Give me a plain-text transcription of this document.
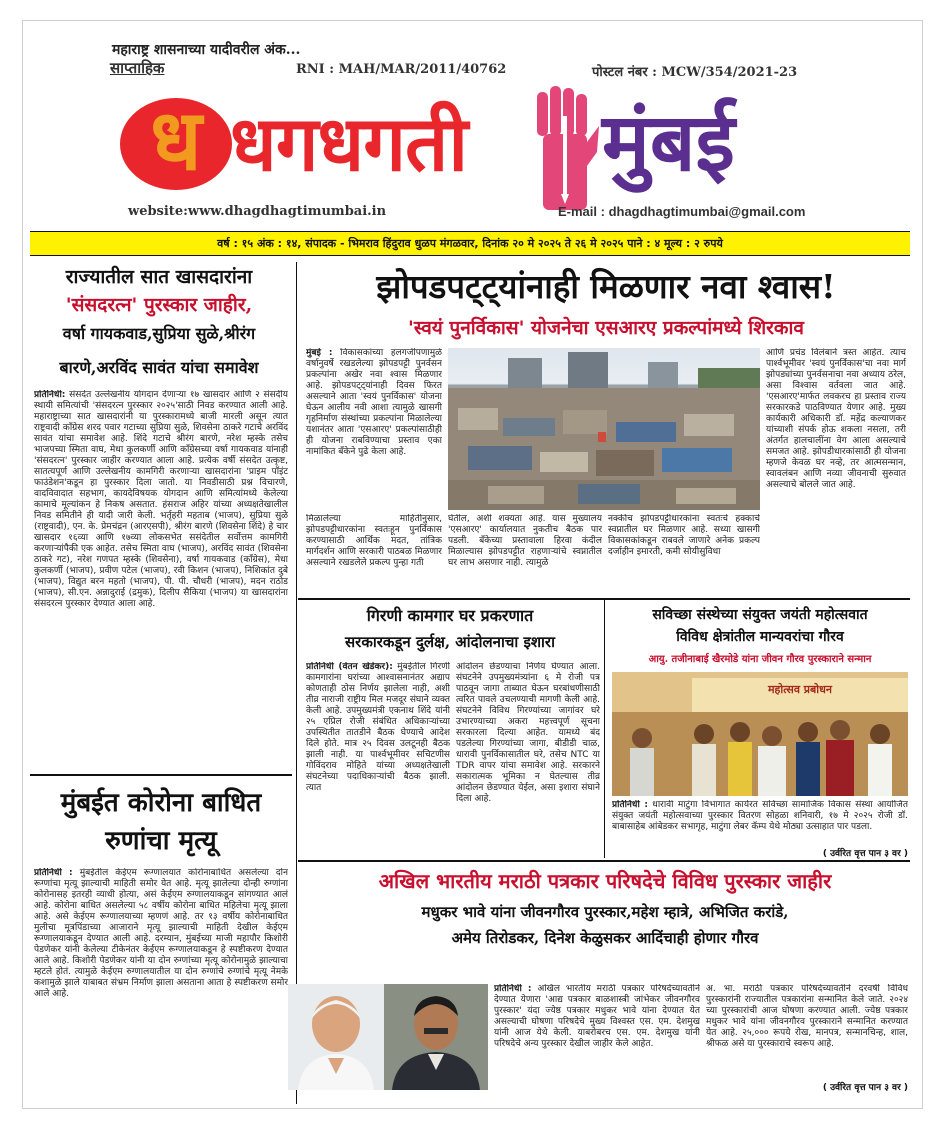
महाराष्ट्र शासनाच्या यादीवरील अंक...
साप्ताहिक	RNI : MAH/MAR/2011/40762	पोस्टल नंबर : MCW/354/2021-23
ध धगधगती मुंबई
website:www.dhagdhagtimumbai.in	E-mail : dhagdhagtimumbai@gmail.com
वर्ष : १५ अंक : १४, संपादक - भिमराव हिंदुराव धुळप मंगळवार, दिनांक २० मे २०२५ ते २६ मे २०२५ पाने : ४ मूल्य : २ रुपये
राज्यातील सात खासदारांना
'संसदरत्न' पुरस्कार जाहीर,
वर्षा गायकवाड,सुप्रिया सुळे,श्रीरंग
बारणे,अरविंद सावंत यांचा समावेश
प्रतिनिधी: संसदेत उल्लेखनीय योगदान देणाऱ्या १७ खासदार आणि २ संसदीय स्थायी समित्यांची 'संसदरत्न पुरस्कार २०२५'साठी निवड करण्यात आली आहे. महाराष्ट्राच्या सात खासदारांनी या पुरस्कारामध्ये बाजी मारली असून त्यात राष्ट्रवादी काँग्रेस शरद पवार गटाच्या सुप्रिया सुळे, शिवसेना ठाकरे गटाचे अरविंद सावंत यांचा समावेश आहे. शिंदे गटाचे श्रीरंग बारणे, नरेश म्हस्के तसेच भाजपच्या स्मिता वाघ, मेधा कुलकर्णी आणि काँग्रेसच्या वर्षा गायकवाड यांनाही 'संसदरत्न' पुरस्कार जाहीर करण्यात आला आहे. प्रत्येक वर्षी संसदेत उत्कृष्ट, सातत्यपूर्ण आणि उल्लेखनीय कामगिरी करणाऱ्या खासदारांना 'प्राइम पॉइंट फाउंडेशन'कडून हा पुरस्कार दिला जातो. या निवडीसाठी प्रश्न विचारणे, वादविवादात सहभाग, कायदेविषयक योगदान आणि समित्यांमध्ये केलेल्या कामाचे मूल्यांकन हे निकष असतात. हंसराज अहिर यांच्या अध्यक्षतेखालील निवड समितीने ही यादी जारी केली. भर्तृहरी महताब (भाजप), सुप्रिया सुळे (राष्ट्रवादी), एन. के. प्रेमचंद्रन (आरएसपी), श्रीरंग बारणे (शिवसेना शिंदे) हे चार खासदार १६व्या आणि १७व्या लोकसभेत ससंदेतील सर्वोत्तम कामगिरी करणाऱ्यांपैकी एक आहेत. तसेच स्मिता वाघ (भाजप), अरविंद सावंत (शिवसेना ठाकरे गट), नरेश गणपत म्हस्के (शिवसेना), वर्षा गायकवाड (काँग्रेस), मेधा कुलकर्णी (भाजप), प्रवीण पटेल (भाजप), रवी किशन (भाजप), निशिकांत दुबे (भाजप), विद्युत बरन महतो (भाजप), पी. पी. चौधरी (भाजप), मदन राठोड (भाजप), सी.एन. अन्नादुराई (द्रमुक), दिलीप सैकिया (भाजप) या खासदारांना संसदरत्न पुरस्कार देण्यात आला आहे.
मुंबईत कोरोना बाधित
रुणांचा मृत्यू
प्रतिनिधी : मुंबईतील केईएम रूग्णालयात कोरोनाबाधित असलेल्या दोन रूग्णांचा मृत्यू झाल्याची माहिती समोर येत आहे. मृत्यू झालेल्या दोन्ही रुग्णांना कोरोनासह इतरही व्याधी होत्या, असं केईएम रुग्णालयाकडून सांगण्यात आलं आहे. कोरोना बाधित असलेल्या ५८ वर्षीय कोरोना बाधित महिलेचा मृत्यू झाला आहे. असे केईएम रूग्णालयाच्या म्हणणं आहे. तर १३ वर्षीय कोरोनाबाधित मुलीचा मूत्रपिंडाच्या आजाराने मृत्यू झाल्याची माहिती देखील केईएम रूग्णालयाकडून देण्यात आली आहे. दरम्यान, मुंबईच्या माजी महापौर किशोरी पेडणेकर यांनी केलेल्या टीकेनंतर केईएम रूग्णालयाकडून हे स्पष्टीकरण देण्यात आले आहे. किशोरी पेडणेकर यांनी या दोन रुग्णांच्या मृत्यू कोरोनामुळे झाल्याचा म्हटले होतं. त्यामुळे केईएम रुग्णालयातील या दोन रुग्णांचे रुग्णांचे मृत्यू नेमके कशामुळे झाले याबाबत संभ्रम निर्माण झाला असताना आता हे स्पष्टीकरण समोर आले आहे.
झोपडपट्ट्यांनाही मिळणार नवा श्वास!
'स्वयं पुनर्विकास' योजनेचा एसआरए प्रकल्पांमध्ये शिरकाव
मुंबई : विकासकांच्या हलगर्जीपणामुळे वर्षानुवर्षे रखडलेल्या झोपडपट्टी पुनर्वसन प्रकल्पांना अखेर नवा श्वास मिळणार आहे. झोपडपट्ट्यांनाही दिवस फिरत असल्याने आता 'स्वयं पुनर्विकास' योजना घेऊन आलीय नवी आशा त्यामुळे खासगी गृहनिर्माण संस्थांच्या प्रकल्पांना मिळालेल्या यशानंतर आता 'एसआरए' प्रकल्पांसाठीही ही योजना राबविण्याचा प्रस्ताव एका नामांकित बँकेने पुढे केला आहे.
आणि प्रचंड विलंबाने त्रस्त आहेत. त्याच पार्श्वभूमीवर 'स्वयं पुनर्विकास'चा नवा मार्ग झोपड्यांच्या पुनर्वसनाचा नवा अध्याय ठरेल, असा विश्वास वर्तवला जात आहे. 'एसआरए'मार्फत लवकरच हा प्रस्ताव राज्य सरकारकडे पाठविण्यात येणार आहे. मुख्य कार्यकारी अधिकारी डॉ. महेंद्र कल्याणकर यांच्याशी संपर्क होऊ शकला नसला, तरी अंतर्गत हालचालींना वेग आला असल्याचे समजत आहे. झोपडीधारकांसाठी ही योजना म्हणजे केवळ घर नव्हे, तर आत्मसन्मान, स्वावलंबन आणि नव्या जीवनाची सुरुवात असल्याचे बोलले जात आहे.
मिळालेल्या माहितीनुसार, झोपडपट्टीधारकांना स्वतःहून पुनर्विकास करण्यासाठी आर्थिक मदत, तांत्रिक मार्गदर्शन आणि सरकारी पाठबळ मिळणार असल्याने रखडलेले प्रकल्प पुन्हा गती
घेतील, अशी शक्यता आहे. यास मुख्यालय 'एसआरए' कार्यालयात नुकतीच बैठक पार पडली. बँकेच्या प्रस्तावाला हिरवा कंदील मिळाल्यास झोपडपट्टीत राहणाऱ्यांचे स्वप्नातील घर लाभ असणार नाही. त्यामुळे
नक्कीच झोपडपट्टीधारकांना स्वतःचे हक्काचे स्वप्नातील घर मिळणार आहे. सध्या खासगी विकासकांकडून राबवले जाणारे अनेक प्रकल्प दर्जाहीन इमारती, कमी सोयीसुविधा
गिरणी कामगार घर प्रकरणात
सरकारकडून दुर्लक्ष, आंदोलनाचा इशारा
प्रतिनिधी (वेतन खेडेकर): मुंबईतील गिरणी कामगारांना घरांच्या आश्वासनानंतर अद्याप कोणताही ठोस निर्णय झालेला नाही, अशी तीव्र नाराजी राष्ट्रीय मिल मजदूर संघाने व्यक्त केली आहे. उपमुख्यमंत्री एकनाथ शिंदे यांनी २५ एप्रिल रोजी संबंधित अधिकाऱ्यांच्या उपस्थितीत तातडीने बैठक घेण्याचे आदेश दिले होते. मात्र २५ दिवस उलटूनही बैठक झाली नाही. या पार्श्वभूमीवर सचिटणीस गोविंदराव मोहिते यांच्या अध्यक्षतेखाली संघटनेच्या पदाधिकाऱ्यांची बैठक झाली. त्यात
आंदोलन छेडण्याचा निर्णय घेण्यात आला. संघटनेने उपमुख्यमंत्र्यांना ६ मे रोजी पत्र पाठवून जागा ताब्यात घेऊन घरबांधणीसाठी त्वरित पावले उचलण्याची मागणी केली आहे. संघटनेने विविध गिरण्यांच्या जागांवर घरे उभारण्याच्या अकरा महत्त्वपूर्ण सूचना सरकारला दिल्या आहेत. यामध्ये बंद पडलेल्या गिरण्यांच्या जागा, बीडीडी चाळ, धारावी पुनर्विकासातील घरे, तसेच NTC या TDR वापर यांचा समावेश आहे. सरकारने सकारात्मक भूमिका न घेतल्यास तीव्र आंदोलन छेडण्यात येईल, असा इशारा संघाने दिला आहे.
सविच्छा संस्थेच्या संयुक्त जयंती महोत्सवात
विविध क्षेत्रांतील मान्यवरांचा गौरव
आयु. तजीनाबाई खैरमोडे यांना जीवन गौरव पुरस्काराने सन्मान
महोत्सव प्रबोधन
प्रतिनिधी : धारावी माटुंगा विभागात कार्यरत सविच्छा सामाजिक विकास संस्था आयोजित संयुक्त जयंती महोत्सवाच्या पुरस्कार वितरण सोहळा शनिवारी, १७ मे २०२५ रोजी डॉ. बाबासाहेब आंबेडकर सभागृह, माटुंगा लेबर कॅम्प येथे मोठ्या उत्साहात पार पडला.
( उर्वरित वृत्त पान ३ वर )
अखिल भारतीय मराठी पत्रकार परिषदेचे विविध पुरस्कार जाहीर
मधुकर भावे यांना जीवनगौरव पुरस्कार,महेश म्हात्रे, अभिजित करांडे,
अमेय तिरोडकर, दिनेश केळुसकर आदिंचाही होणार गौरव
प्रतिनिधी : अखिल भारतीय मराठी पत्रकार परिषदेच्यावतीने देण्यात येणारा 'आद्य पत्रकार बाळशास्त्री जांभेकर जीवनगौरव पुरस्कार' यंदा ज्येष्ठ पत्रकार मधुकर भावे यांना देण्यात येत असल्याची घोषणा परिषदेचे मुख्य विश्वस्त एस. एम. देशमुख यांनी आज येथे केली. याबरोबरच एस. एम. देशमुख यांनी परिषदेचे अन्य पुरस्कार देखील जाहीर केले आहेत.
अ. भा. मराठी पत्रकार परिषदेच्यावतीने दरवर्षी विविध पुरस्कारांनी राज्यातील पत्रकारांना सन्मानित केले जाते. २०२४ च्या पुरस्कारांची आज घोषणा करण्यात आली. ज्येष्ठ पत्रकार मधुकर भावे यांना जीवनगौरव पुरस्काराने सन्मानित करण्यात येत आहे. २५,००० रूपये रोख, मानपत्र, सन्मानचिन्ह, शाल, श्रीफळ असे या पुरस्काराचे स्वरूप आहे.
( उर्वरित वृत्त पान ३ वर )
